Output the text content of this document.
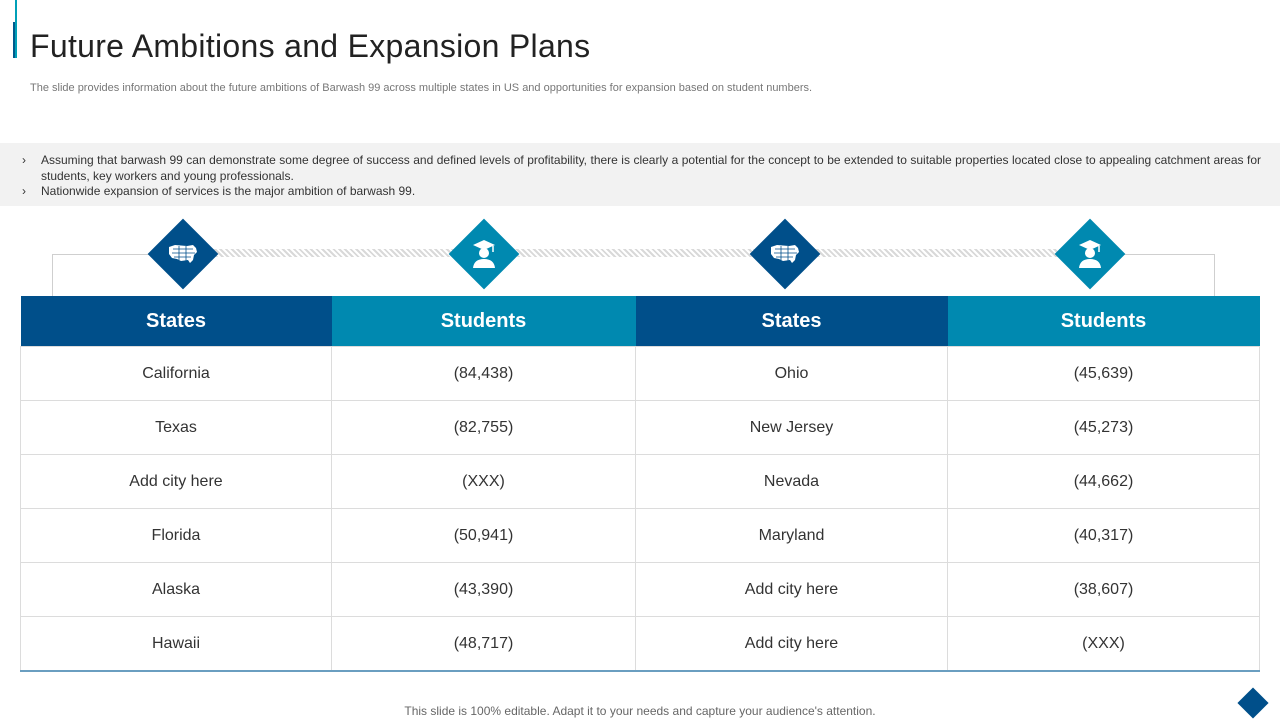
Future Ambitions and Expansion Plans
The slide provides information about the future ambitions of Barwash 99 across multiple states in US and opportunities for expansion based on student numbers.
› Assuming that barwash 99 can demonstrate some degree of success and defined levels of profitability, there is clearly a potential for the concept to be extended to suitable properties located close to appealing catchment areas for students, key workers and young professionals.
› Nationwide expansion of services is the major ambition of barwash 99.
States	Students	States	Students
California	(84,438)	Ohio	(45,639)
Texas	(82,755)	New Jersey	(45,273)
Add city here	(XXX)	Nevada	(44,662)
Florida	(50,941)	Maryland	(40,317)
Alaska	(43,390)	Add city here	(38,607)
Hawaii	(48,717)	Add city here	(XXX)
This slide is 100% editable. Adapt it to your needs and capture your audience's attention.
